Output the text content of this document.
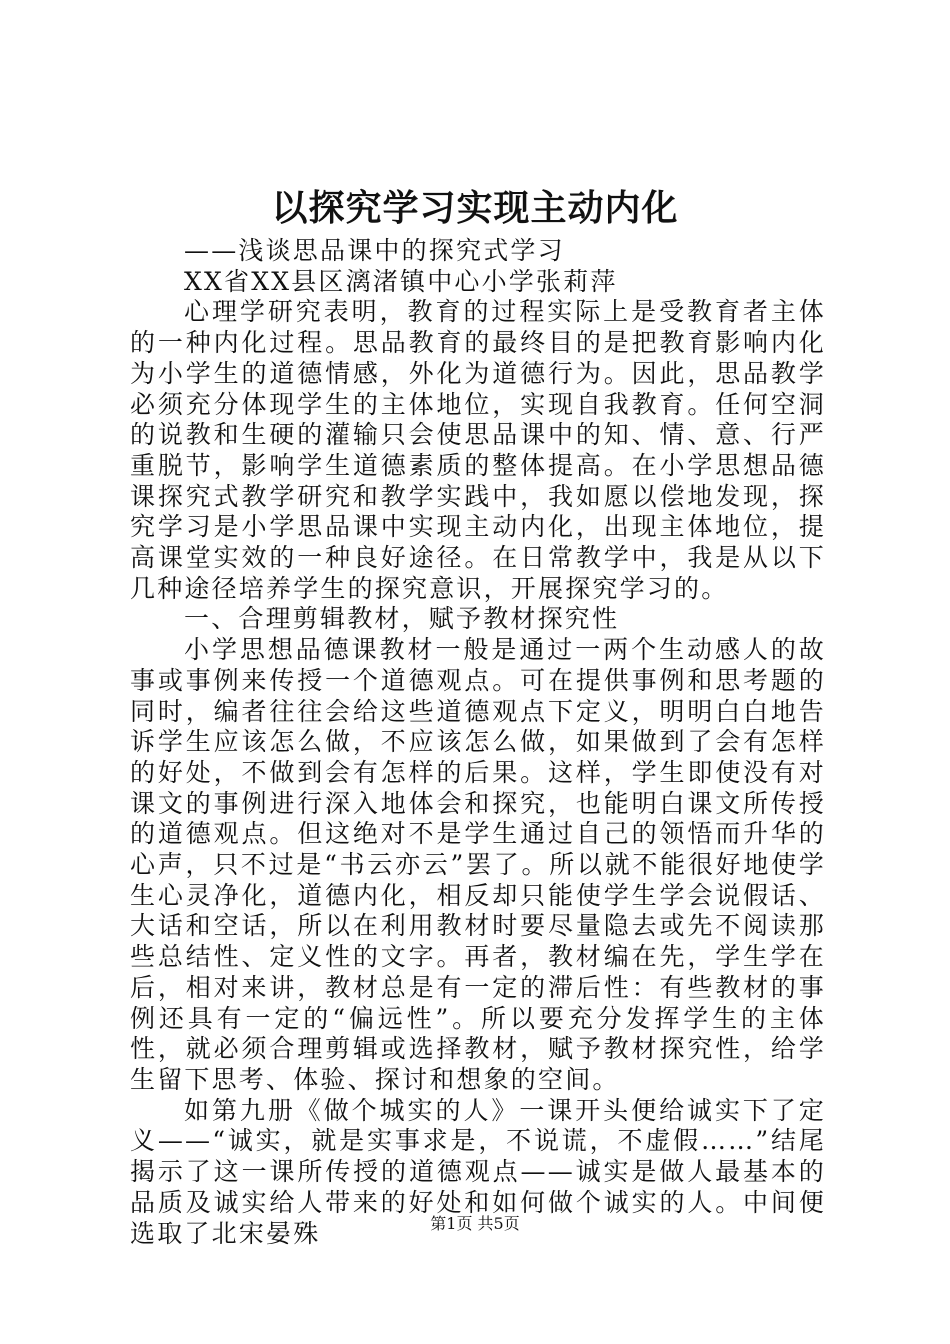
以探究学习实现主动内化

——浅谈思品课中的探究式学习

XX省XX县区漓渚镇中心小学张莉萍

心理学研究表明，教育的过程实际上是受教育者主体的一种内化过程。思品教育的最终目的是把教育影响内化为小学生的道德情感，外化为道德行为。因此，思品教学必须充分体现学生的主体地位，实现自我教育。任何空洞的说教和生硬的灌输只会使思品课中的知、情、意、行严重脱节，影响学生道德素质的整体提高。在小学思想品德课探究式教学研究和教学实践中，我如愿以偿地发现，探究学习是小学思品课中实现主动内化，出现主体地位，提高课堂实效的一种良好途径。在日常教学中，我是从以下几种途径培养学生的探究意识，开展探究学习的。

一、合理剪辑教材，赋予教材探究性

小学思想品德课教材一般是通过一两个生动感人的故事或事例来传授一个道德观点。可在提供事例和思考题的同时，编者往往会给这些道德观点下定义，明明白白地告诉学生应该怎么做，不应该怎么做，如果做到了会有怎样的好处，不做到会有怎样的后果。这样，学生即使没有对课文的事例进行深入地体会和探究，也能明白课文所传授的道德观点。但这绝对不是学生通过自己的领悟而升华的心声，只不过是“书云亦云”罢了。所以就不能很好地使学生心灵净化，道德内化，相反却只能使学生学会说假话、大话和空话，所以在利用教材时要尽量隐去或先不阅读那些总结性、定义性的文字。再者，教材编在先，学生学在后，相对来讲，教材总是有一定的滞后性：有些教材的事例还具有一定的“偏远性”。所以要充分发挥学生的主体性，就必须合理剪辑或选择教材，赋予教材探究性，给学生留下思考、体验、探讨和想象的空间。

如第九册《做个城实的人》一课开头便给诚实下了定义——“诚实，就是实事求是，不说谎，不虚假……”结尾揭示了这一课所传授的道德观点——诚实是做人最基本的品质及诚实给人带来的好处和如何做个诚实的人。中间便选取了北宋晏殊	第1页 共5页
